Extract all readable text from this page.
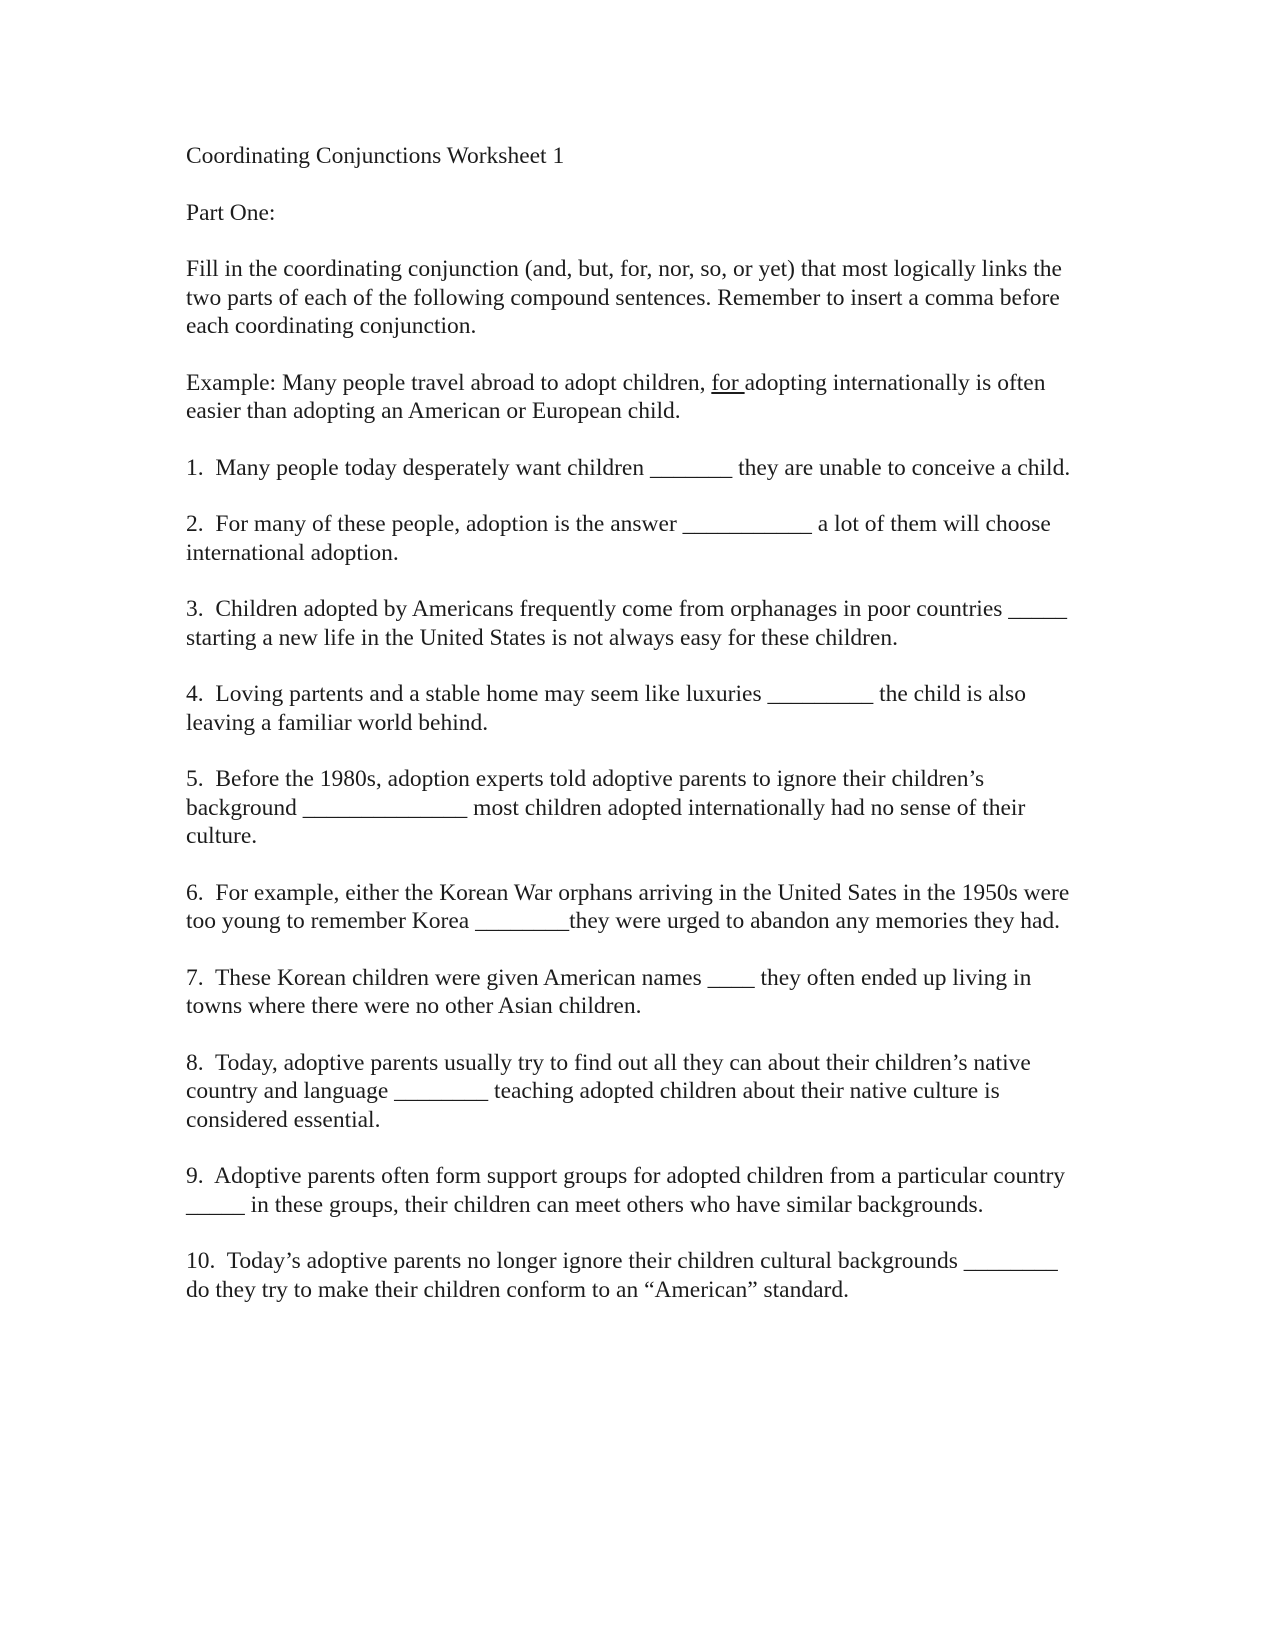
Coordinating Conjunctions Worksheet 1
Part One:
Fill in the coordinating conjunction (and, but, for, nor, so, or yet) that most logically links the two parts of each of the following compound sentences. Remember to insert a comma before each coordinating conjunction.
Example: Many people travel abroad to adopt children, for adopting internationally is often easier than adopting an American or European child.
1. Many people today desperately want children _______ they are unable to conceive a child.
2. For many of these people, adoption is the answer ___________ a lot of them will choose international adoption.
3. Children adopted by Americans frequently come from orphanages in poor countries _____ starting a new life in the United States is not always easy for these children.
4. Loving partents and a stable home may seem like luxuries _________ the child is also leaving a familiar world behind.
5. Before the 1980s, adoption experts told adoptive parents to ignore their children’s background ______________ most children adopted internationally had no sense of their culture.
6. For example, either the Korean War orphans arriving in the United Sates in the 1950s were too young to remember Korea ________they were urged to abandon any memories they had.
7. These Korean children were given American names ____ they often ended up living in towns where there were no other Asian children.
8. Today, adoptive parents usually try to find out all they can about their children’s native country and language ________ teaching adopted children about their native culture is considered essential.
9. Adoptive parents often form support groups for adopted children from a particular country _____ in these groups, their children can meet others who have similar backgrounds.
10. Today’s adoptive parents no longer ignore their children cultural backgrounds ________ do they try to make their children conform to an “American” standard.
